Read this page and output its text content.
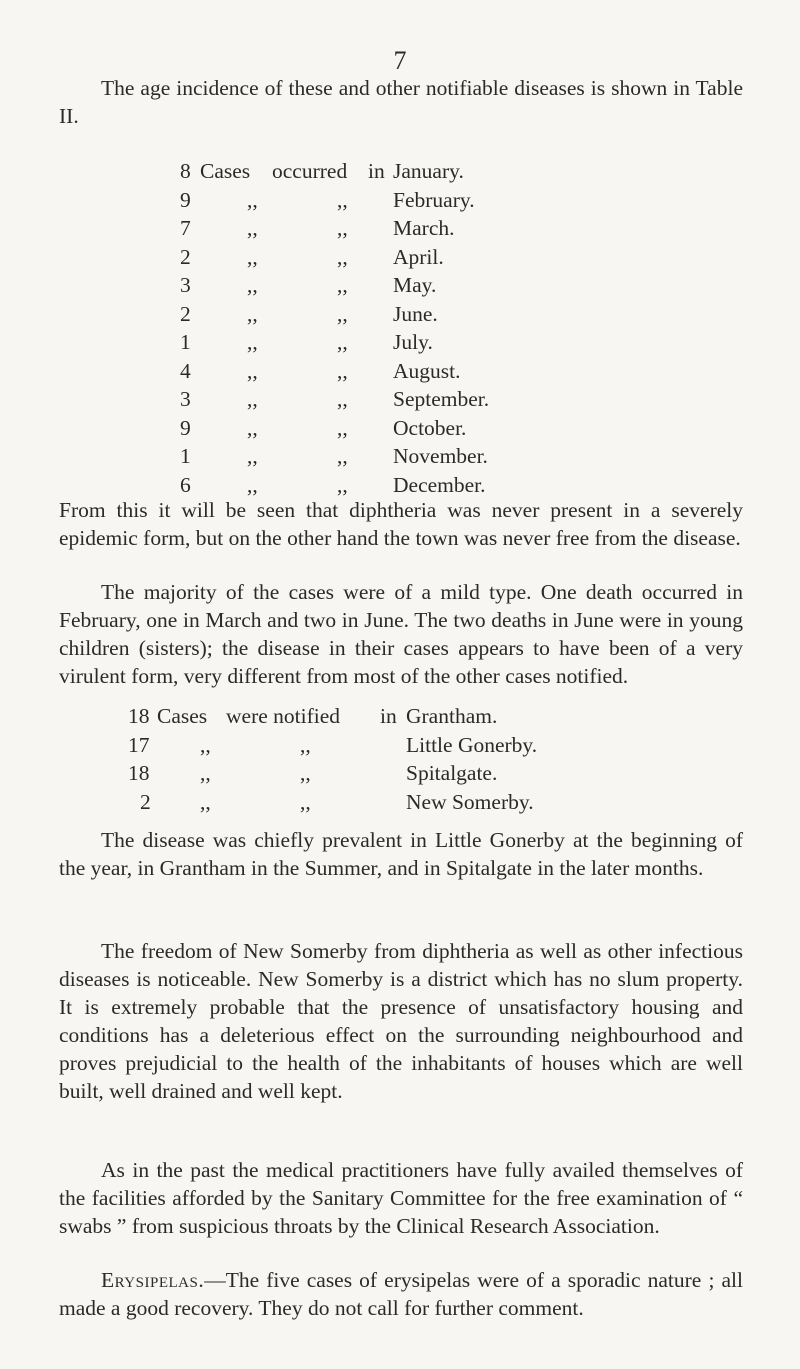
7

The age incidence of these and other notifiable diseases is shown in Table II.

8 Cases occurred in January.
9	,,	,, February.
7	,,	,, March.
2	,,	,, April.
3	,,	,, May.
2	,,	,, June.
1	,,	,, July.
4	,,	,, August.
3	,,	,, September.
9	,,	,, October.
1	,,	,, November.
6	,,	,, December.

From this it will be seen that diphtheria was never present in a severely epidemic form, but on the other hand the town was never free from the disease.

The majority of the cases were of a mild type. One death occurred in February, one in March and two in June. The two deaths in June were in young children (sisters); the disease in their cases appears to have been of a very virulent form, very different from most of the other cases notified.

18 Cases were notified in Grantham.
17 ,,	,,	Little Gonerby.
18 ,,	,,	Spitalgate.
2 ,,	,,	New Somerby.

The disease was chiefly prevalent in Little Gonerby at the beginning of the year, in Grantham in the Summer, and in Spitalgate in the later months.

The freedom of New Somerby from diphtheria as well as other infectious diseases is noticeable. New Somerby is a district which has no slum property. It is extremely probable that the presence of unsatisfactory housing and conditions has a deleterious effect on the surrounding neighbourhood and proves prejudicial to the health of the inhabitants of houses which are well built, well drained and well kept.

As in the past the medical practitioners have fully availed themselves of the facilities afforded by the Sanitary Committee for the free examination of “ swabs ” from suspicious throats by the Clinical Research Association.

Erysipelas.—The five cases of erysipelas were of a sporadic nature ; all made a good recovery. They do not call for further comment.
